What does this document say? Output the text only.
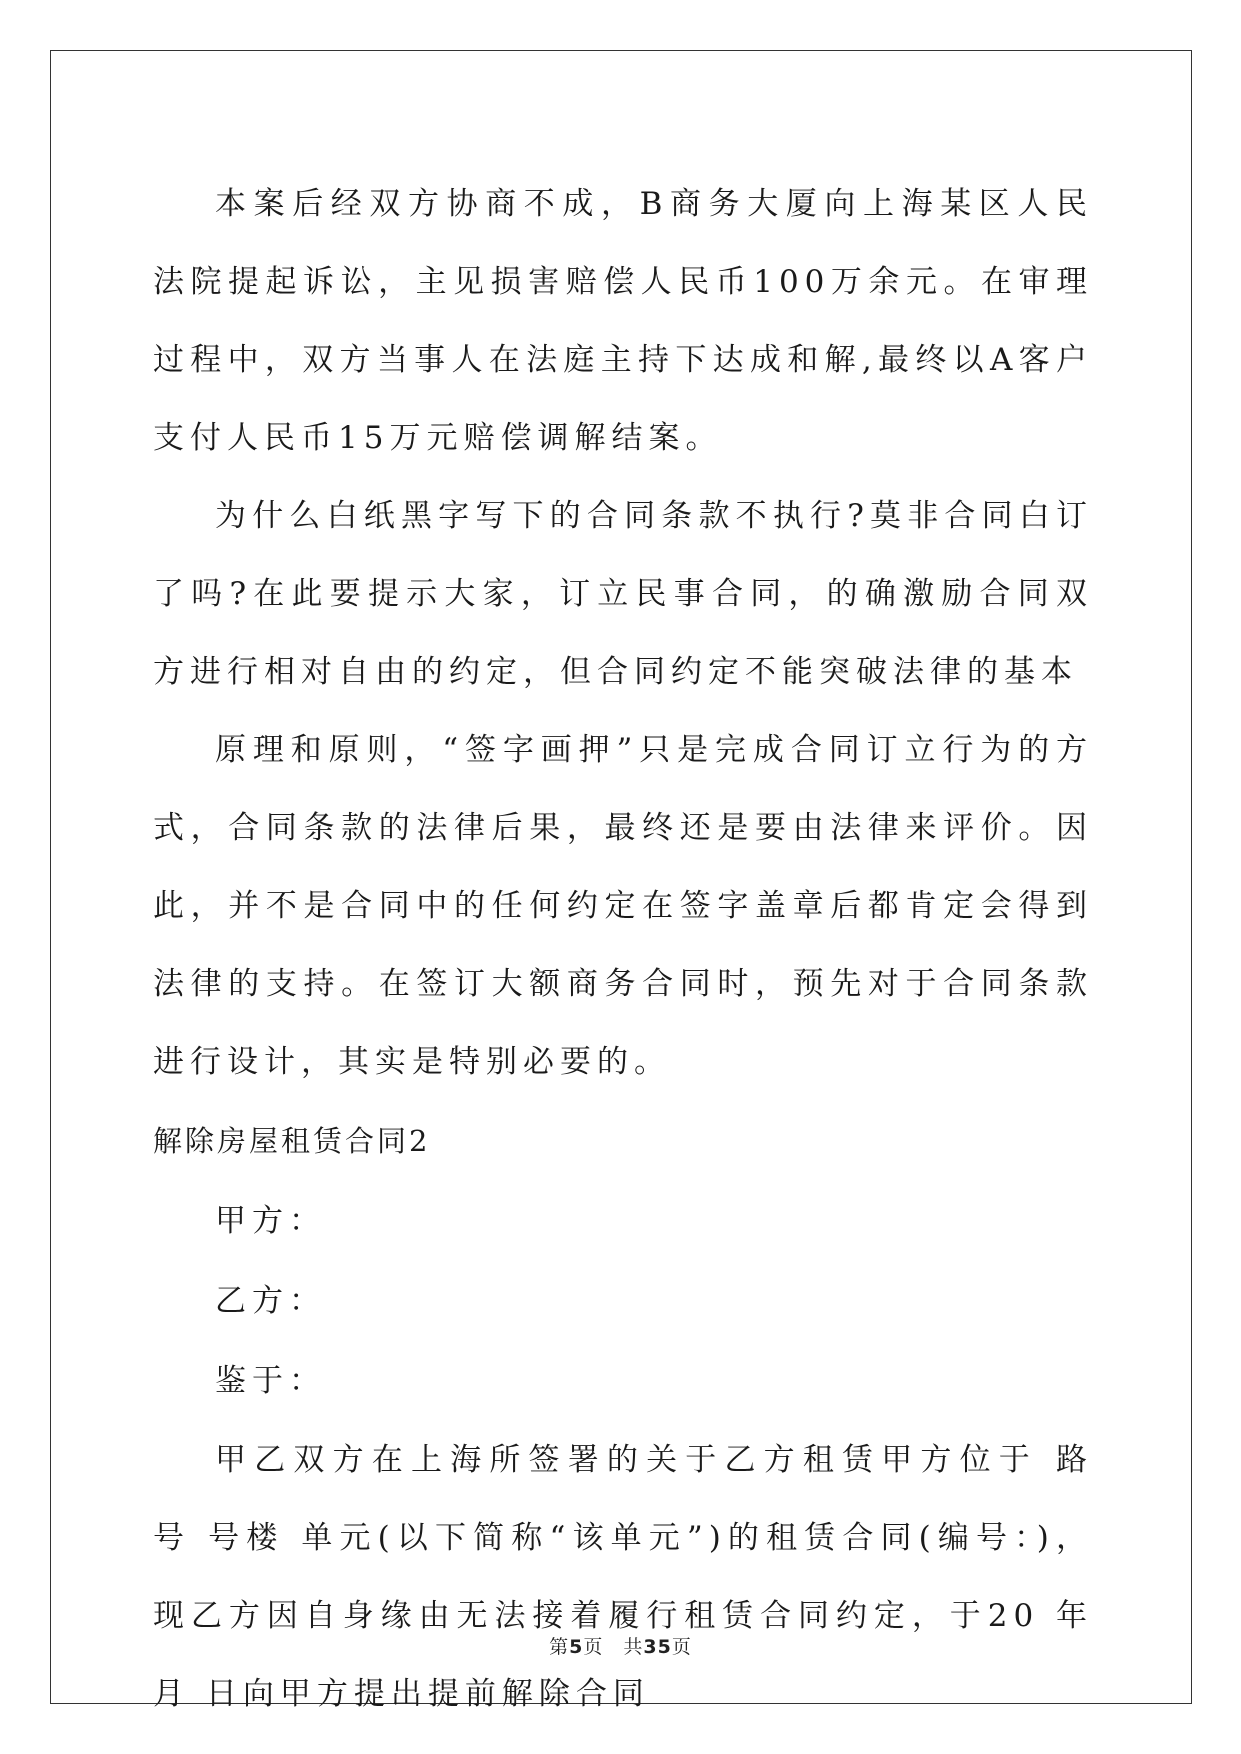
本案后经双方协商不成，B商务大厦向上海某区人民法院提起诉讼，主见损害赔偿人民币100万余元。在审理过程中，双方当事人在法庭主持下达成和解,最终以A客户支付人民币15万元赔偿调解结案。

为什么白纸黑字写下的合同条款不执行?莫非合同白订了吗?在此要提示大家，订立民事合同，的确激励合同双方进行相对自由的约定，但合同约定不能突破法律的基本

原理和原则，“签字画押”只是完成合同订立行为的方式，合同条款的法律后果，最终还是要由法律来评价。因此，并不是合同中的任何约定在签字盖章后都肯定会得到法律的支持。在签订大额商务合同时，预先对于合同条款进行设计，其实是特别必要的。

解除房屋租赁合同2

甲方：

乙方：

鉴于：

甲乙双方在上海所签署的关于乙方租赁甲方位于 路 号 号楼 单元(以下简称“该单元”)的租赁合同(编号：)，现乙方因自身缘由无法接着履行租赁合同约定，于20 年 月 日向甲方提出提前解除合同

第5页 共35页
